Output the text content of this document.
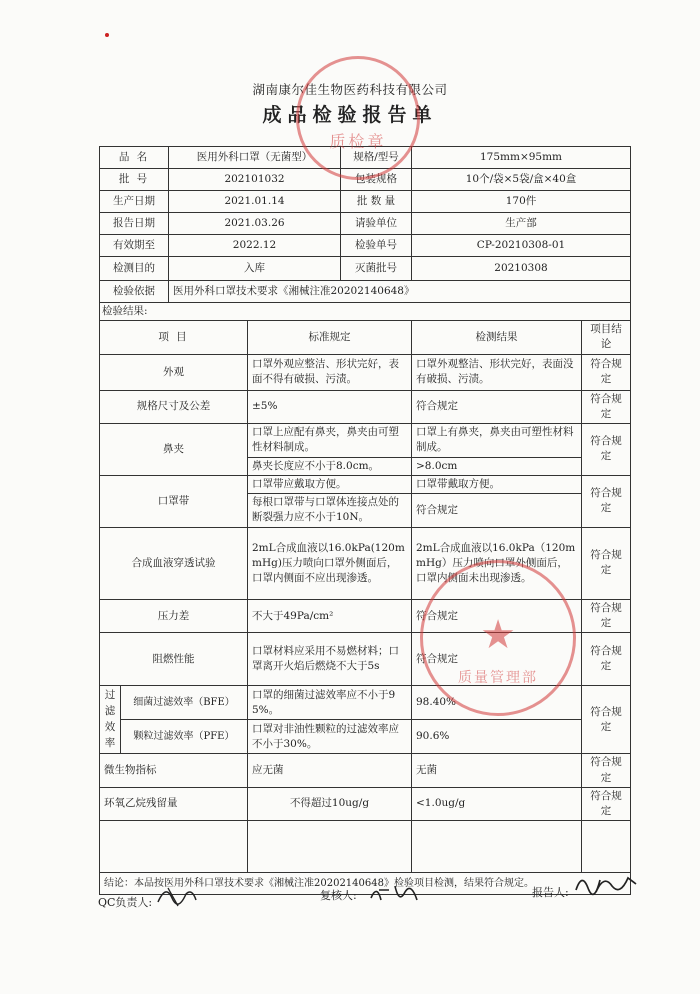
湖南康尔佳生物医药科技有限公司
成品检验报告单
品 名		医用外科口罩（无菌型）		规格/型号	175mm×95mm	
批 号		202101032		包装规格	10个/袋×5袋/盒×40盒	
生产日期		2021.01.14		批 数 量	170件	
报告日期		2021.03.26		请验单位	生产部	
有效期至		2022.12		检验单号	CP-20210308-01	
检测目的		入库		灭菌批号	20210308	
检验依据		医用外科口罩技术要求《湘械注准20202140648》				
检验结果:						
项 目			标准规定		检测结果	项目结论
外观			口罩外观应整洁、形状完好，表面不得有破损、污渍。		口罩外观整洁、形状完好，表面没有破损、污渍。	符合规定
规格尺寸及公差			±5%		符合规定	符合规定
鼻夹			口罩上应配有鼻夹，鼻夹由可塑性材料制成。		口罩上有鼻夹，鼻夹由可塑性材料制成。	符合规定
			鼻夹长度应不小于8.0cm。		>8.0cm	
口罩带			口罩带应戴取方便。		口罩带戴取方便。	符合规定
			每根口罩带与口罩体连接点处的断裂强力应不小于10N。		符合规定	
合成血液穿透试验			2mL合成血液以16.0kPa(120mmHg)压力喷向口罩外侧面后，口罩内侧面不应出现渗透。		2mL合成血液以16.0kPa（120mmHg）压力喷向口罩外侧面后，口罩内侧面未出现渗透。	符合规定
压力差			不大于49Pa/cm²		符合规定	符合规定
阻燃性能			口罩材料应采用不易燃材料；口罩离开火焰后燃烧不大于5s		符合规定	符合规定
过滤效率	细菌过滤效率（BFE）		口罩的细菌过滤效率应不小于95%。		98.40%	符合规定
	颗粒过滤效率（PFE）		口罩对非油性颗粒的过滤效率应不小于30%。		90.6%	
微生物指标			应无菌		无菌	符合规定
环氧乙烷残留量			不得超过10ug/g		<1.0ug/g	符合规定

结论：本品按医用外科口罩技术要求《湘械注准20202140648》检验项目检测，结果符合规定。						
质检章
★
质量管理部
QC负责人:
复核人:	报告人:
